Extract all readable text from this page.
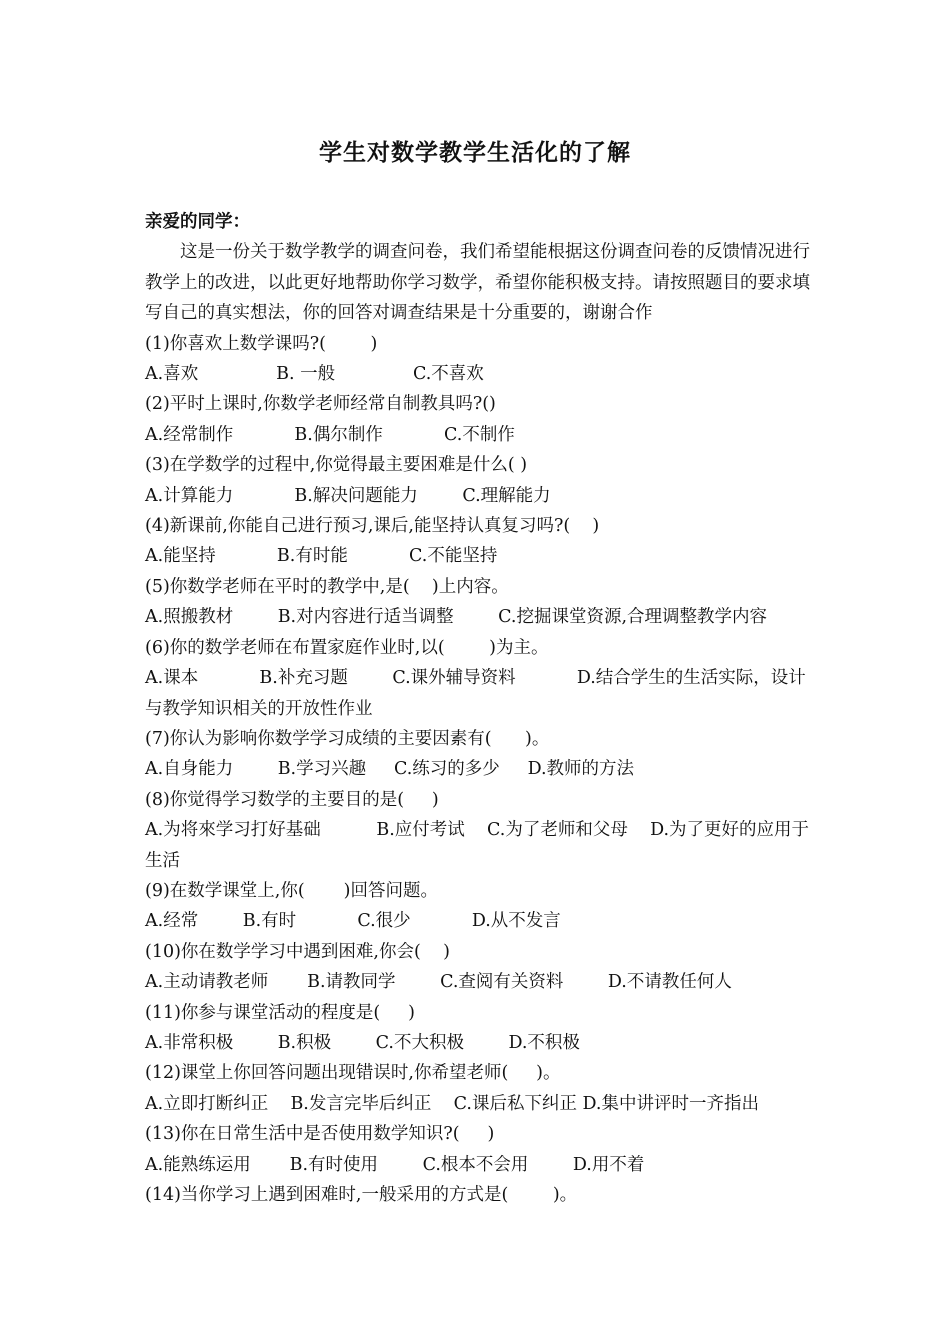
学生对数学教学生活化的了解
亲爱的同学：
这是一份关于数学教学的调查问卷，我们希望能根据这份调查问卷的反馈情况进行教学上的改进，以此更好地帮助你学习数学，希望你能积极支持。请按照题目的要求填写自己的真实想法，你的回答对调查结果是十分重要的，谢谢合作
(1)你喜欢上数学课吗?(        )
A.喜欢              B. 一般              C.不喜欢
(2)平时上课时,你数学老师经常自制教具吗?()
A.经常制作           B.偶尔制作           C.不制作
(3)在学数学的过程中,你觉得最主要困难是什么( )
A.计算能力           B.解决问题能力        C.理解能力
(4)新课前,你能自己进行预习,课后,能坚持认真复习吗?(    )
A.能坚持           B.有时能           C.不能坚持
(5)你数学老师在平时的教学中,是(    )上内容。
A.照搬教材        B.对内容进行适当调整        C.挖掘课堂资源,合理调整教学内容
(6)你的数学老师在布置家庭作业时,以(        )为主。
A.课本           B.补充习题        C.课外辅导资料           D.结合学生的生活实际，设计与教学知识相关的开放性作业
(7)你认为影响你数学学习成绩的主要因素有(      )。
A.自身能力        B.学习兴趣     C.练习的多少     D.教师的方法
(8)你觉得学习数学的主要目的是(     )
A.为将來学习打好基础          B.应付考试    C.为了老师和父母    D.为了更好的应用于生活
(9)在数学课堂上,你(       )回答问题。
A.经常        B.有时           C.很少           D.从不发言
(10)你在数学学习中遇到困难,你会(    )
A.主动请教老师       B.请教同学        C.查阅有关资料        D.不请教任何人
(11)你参与课堂活动的程度是(     )
A.非常积极        B.积极        C.不大积极        D.不积极
(12)课堂上你回答问题出现错误时,你希望老师(     )。
A.立即打断纠正    B.发言完毕后纠正    C.课后私下纠正 D.集中讲评时一齐指出
(13)你在日常生活中是否使用数学知识?(     )
A.能熟练运用       B.有时使用        C.根本不会用        D.用不着
(14)当你学习上遇到困难时,一般采用的方式是(        )。
